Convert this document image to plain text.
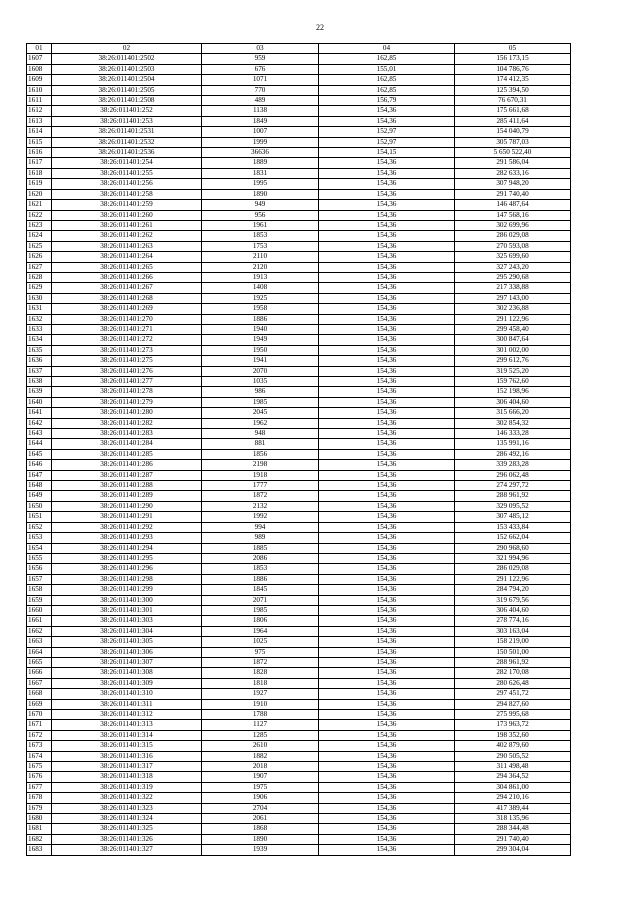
22
01	02	03	04	05
1607	38:26:011401:2502	959	162,85	156 173,15
1608	38:26:011401:2503	676	155,01	104 786,76
1609	38:26:011401:2504	1071	162,85	174 412,35
1610	38:26:011401:2505	770	162,85	125 394,50
1611	38:26:011401:2508	489	156,79	76 670,31
1612	38:26:011401:252	1138	154,36	175 661,68
1613	38:26:011401:253	1849	154,36	285 411,64
1614	38:26:011401:2531	1007	152,97	154 040,79
1615	38:26:011401:2532	1999	152,97	305 787,03
1616	38:26:011401:2536	36636	154,15	5 650 522,40
1617	38:26:011401:254	1889	154,36	291 586,04
1618	38:26:011401:255	1831	154,36	282 633,16
1619	38:26:011401:256	1995	154,36	307 948,20
1620	38:26:011401:258	1890	154,36	291 740,40
1621	38:26:011401:259	949	154,36	146 487,64
1622	38:26:011401:260	956	154,36	147 568,16
1623	38:26:011401:261	1961	154,36	302 699,96
1624	38:26:011401:262	1853	154,36	286 029,08
1625	38:26:011401:263	1753	154,36	270 593,08
1626	38:26:011401:264	2110	154,36	325 699,60
1627	38:26:011401:265	2120	154,36	327 243,20
1628	38:26:011401:266	1913	154,36	295 290,68
1629	38:26:011401:267	1408	154,36	217 338,88
1630	38:26:011401:268	1925	154,36	297 143,00
1631	38:26:011401:269	1958	154,36	302 236,88
1632	38:26:011401:270	1886	154,36	291 122,96
1633	38:26:011401:271	1940	154,36	299 458,40
1634	38:26:011401:272	1949	154,36	300 847,64
1635	38:26:011401:273	1950	154,36	301 002,00
1636	38:26:011401:275	1941	154,36	299 612,76
1637	38:26:011401:276	2070	154,36	319 525,20
1638	38:26:011401:277	1035	154,36	159 762,60
1639	38:26:011401:278	986	154,36	152 198,96
1640	38:26:011401:279	1985	154,36	306 404,60
1641	38:26:011401:280	2045	154,36	315 666,20
1642	38:26:011401:282	1962	154,36	302 854,32
1643	38:26:011401:283	948	154,36	146 333,28
1644	38:26:011401:284	881	154,36	135 991,16
1645	38:26:011401:285	1856	154,36	286 492,16
1646	38:26:011401:286	2198	154,36	339 283,28
1647	38:26:011401:287	1918	154,36	296 062,48
1648	38:26:011401:288	1777	154,36	274 297,72
1649	38:26:011401:289	1872	154,36	288 961,92
1650	38:26:011401:290	2132	154,36	329 095,52
1651	38:26:011401:291	1992	154,36	307 485,12
1652	38:26:011401:292	994	154,36	153 433,84
1653	38:26:011401:293	989	154,36	152 662,04
1654	38:26:011401:294	1885	154,36	290 968,60
1655	38:26:011401:295	2086	154,36	321 994,96
1656	38:26:011401:296	1853	154,36	286 029,08
1657	38:26:011401:298	1886	154,36	291 122,96
1658	38:26:011401:299	1845	154,36	284 794,20
1659	38:26:011401:300	2071	154,36	319 679,56
1660	38:26:011401:301	1985	154,36	306 404,60
1661	38:26:011401:303	1806	154,36	278 774,16
1662	38:26:011401:304	1964	154,36	303 163,04
1663	38:26:011401:305	1025	154,36	158 219,00
1664	38:26:011401:306	975	154,36	150 501,00
1665	38:26:011401:307	1872	154,36	288 961,92
1666	38:26:011401:308	1828	154,36	282 170,08
1667	38:26:011401:309	1818	154,36	280 626,48
1668	38:26:011401:310	1927	154,36	297 451,72
1669	38:26:011401:311	1910	154,36	294 827,60
1670	38:26:011401:312	1788	154,36	275 995,68
1671	38:26:011401:313	1127	154,36	173 963,72
1672	38:26:011401:314	1285	154,36	198 352,60
1673	38:26:011401:315	2610	154,36	402 879,60
1674	38:26:011401:316	1882	154,36	290 505,52
1675	38:26:011401:317	2018	154,36	311 498,48
1676	38:26:011401:318	1907	154,36	294 364,52
1677	38:26:011401:319	1975	154,36	304 861,00
1678	38:26:011401:322	1906	154,36	294 210,16
1679	38:26:011401:323	2704	154,36	417 389,44
1680	38:26:011401:324	2061	154,36	318 135,96
1681	38:26:011401:325	1868	154,36	288 344,48
1682	38:26:011401:326	1890	154,36	291 740,40
1683	38:26:011401:327	1939	154,36	299 304,04
